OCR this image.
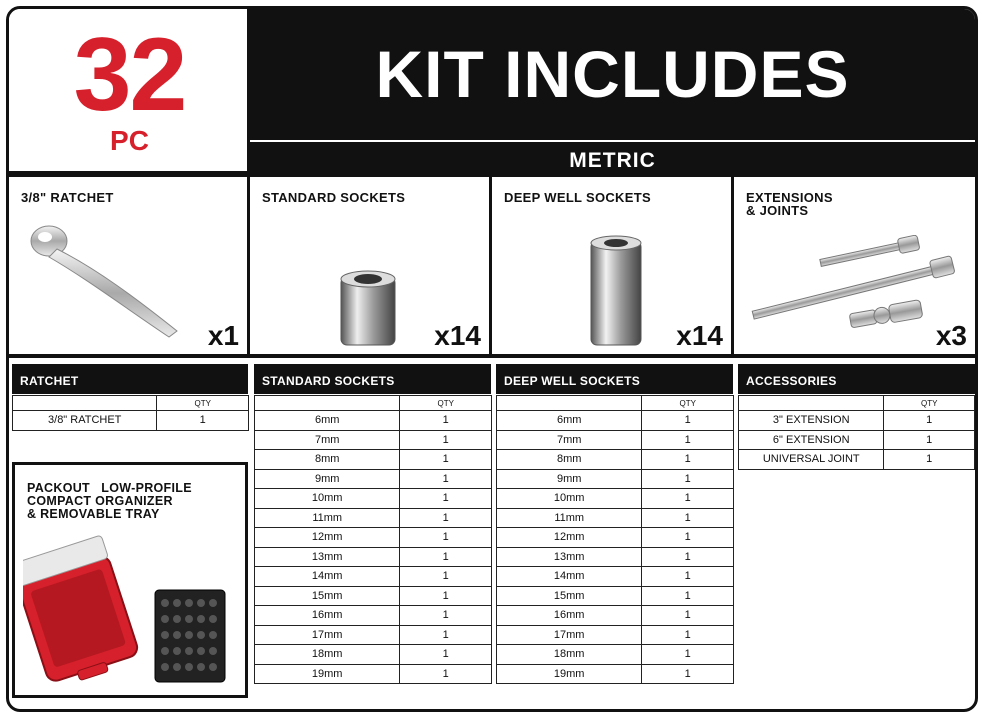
32
PC
KIT INCLUDES
METRIC
3/8" RATCHET
x1
STANDARD SOCKETS
x14
DEEP WELL SOCKETS
x14
EXTENSIONS
& JOINTS
x3
RATCHET
	QTY
3/8" RATCHET	1
STANDARD SOCKETS
	QTY
6mm	1
7mm	1
8mm	1
9mm	1
10mm	1
11mm	1
12mm	1
13mm	1
14mm	1
15mm	1
16mm	1
17mm	1
18mm	1
19mm	1
DEEP WELL SOCKETS
	QTY
6mm	1
7mm	1
8mm	1
9mm	1
10mm	1
11mm	1
12mm	1
13mm	1
14mm	1
15mm	1
16mm	1
17mm	1
18mm	1
19mm	1
ACCESSORIES
	QTY
3" EXTENSION	1
6" EXTENSION	1
UNIVERSAL JOINT	1
PACKOUT   LOW-PROFILE
COMPACT ORGANIZER
& REMOVABLE TRAY
